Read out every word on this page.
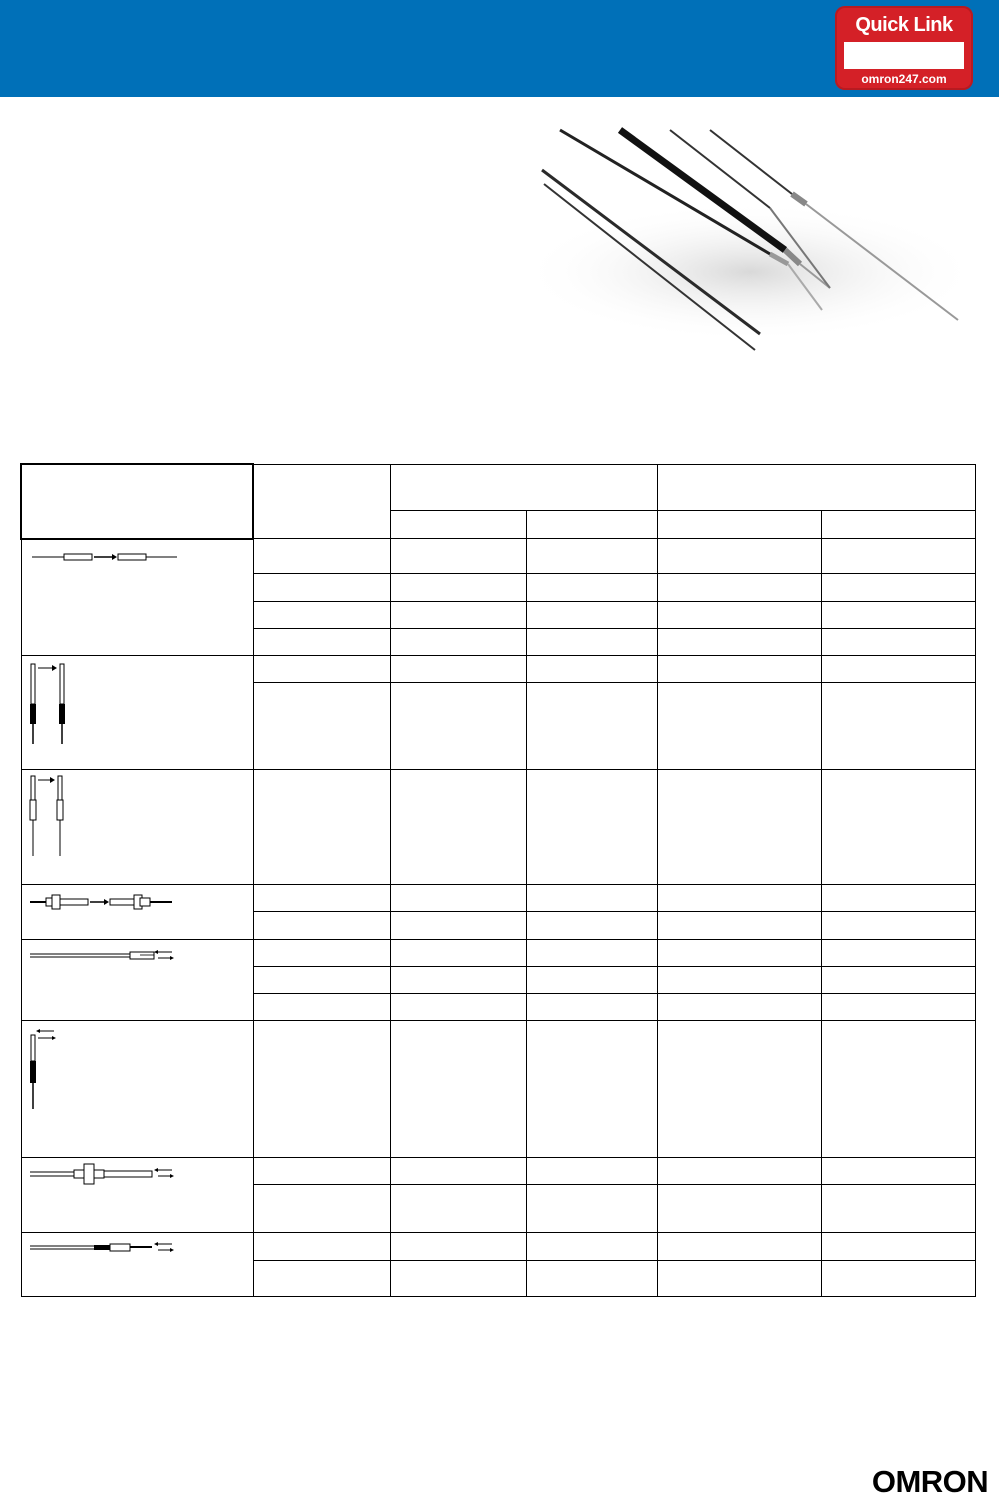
Quick Link
omron247.com

OMRON
